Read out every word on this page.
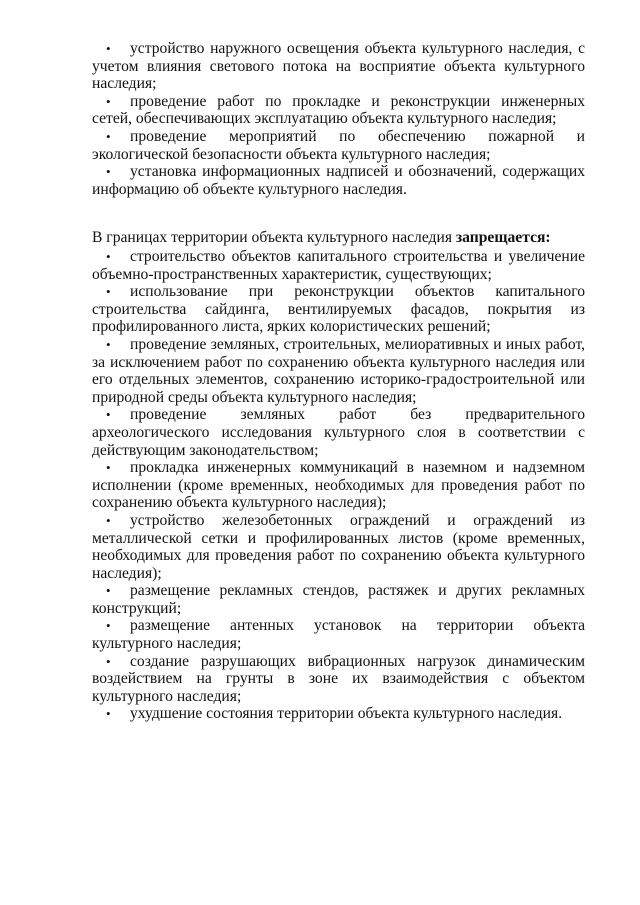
• устройство наружного освещения объекта культурного наследия, с учетом влияния светового потока на восприятие объекта культурного наследия;
• проведение работ по прокладке и реконструкции инженерных сетей, обеспечивающих эксплуатацию объекта культурного наследия;
• проведение мероприятий по обеспечению пожарной и экологической безопасности объекта культурного наследия;
• установка информационных надписей и обозначений, содержащих информацию об объекте культурного наследия.

В границах территории объекта культурного наследия запрещается:

• строительство объектов капитального строительства и увеличение объемно-пространственных характеристик, существующих;
• использование при реконструкции объектов капитального строительства сайдинга, вентилируемых фасадов, покрытия из профилированного листа, ярких колористических решений;
• проведение земляных, строительных, мелиоративных и иных работ, за исключением работ по сохранению объекта культурного наследия или его отдельных элементов, сохранению историко-градостроительной или природной среды объекта культурного наследия;
• проведение земляных работ без предварительного археологического исследования культурного слоя в соответствии с действующим законодательством;
• прокладка инженерных коммуникаций в наземном и надземном исполнении (кроме временных, необходимых для проведения работ по сохранению объекта культурного наследия);
• устройство железобетонных ограждений и ограждений из металлической сетки и профилированных листов (кроме временных, необходимых для проведения работ по сохранению объекта культурного наследия);
• размещение рекламных стендов, растяжек и других рекламных конструкций;
• размещение антенных установок на территории объекта культурного наследия;
• создание разрушающих вибрационных нагрузок динамическим воздействием на грунты в зоне их взаимодействия с объектом культурного наследия;
• ухудшение состояния территории объекта культурного наследия.
